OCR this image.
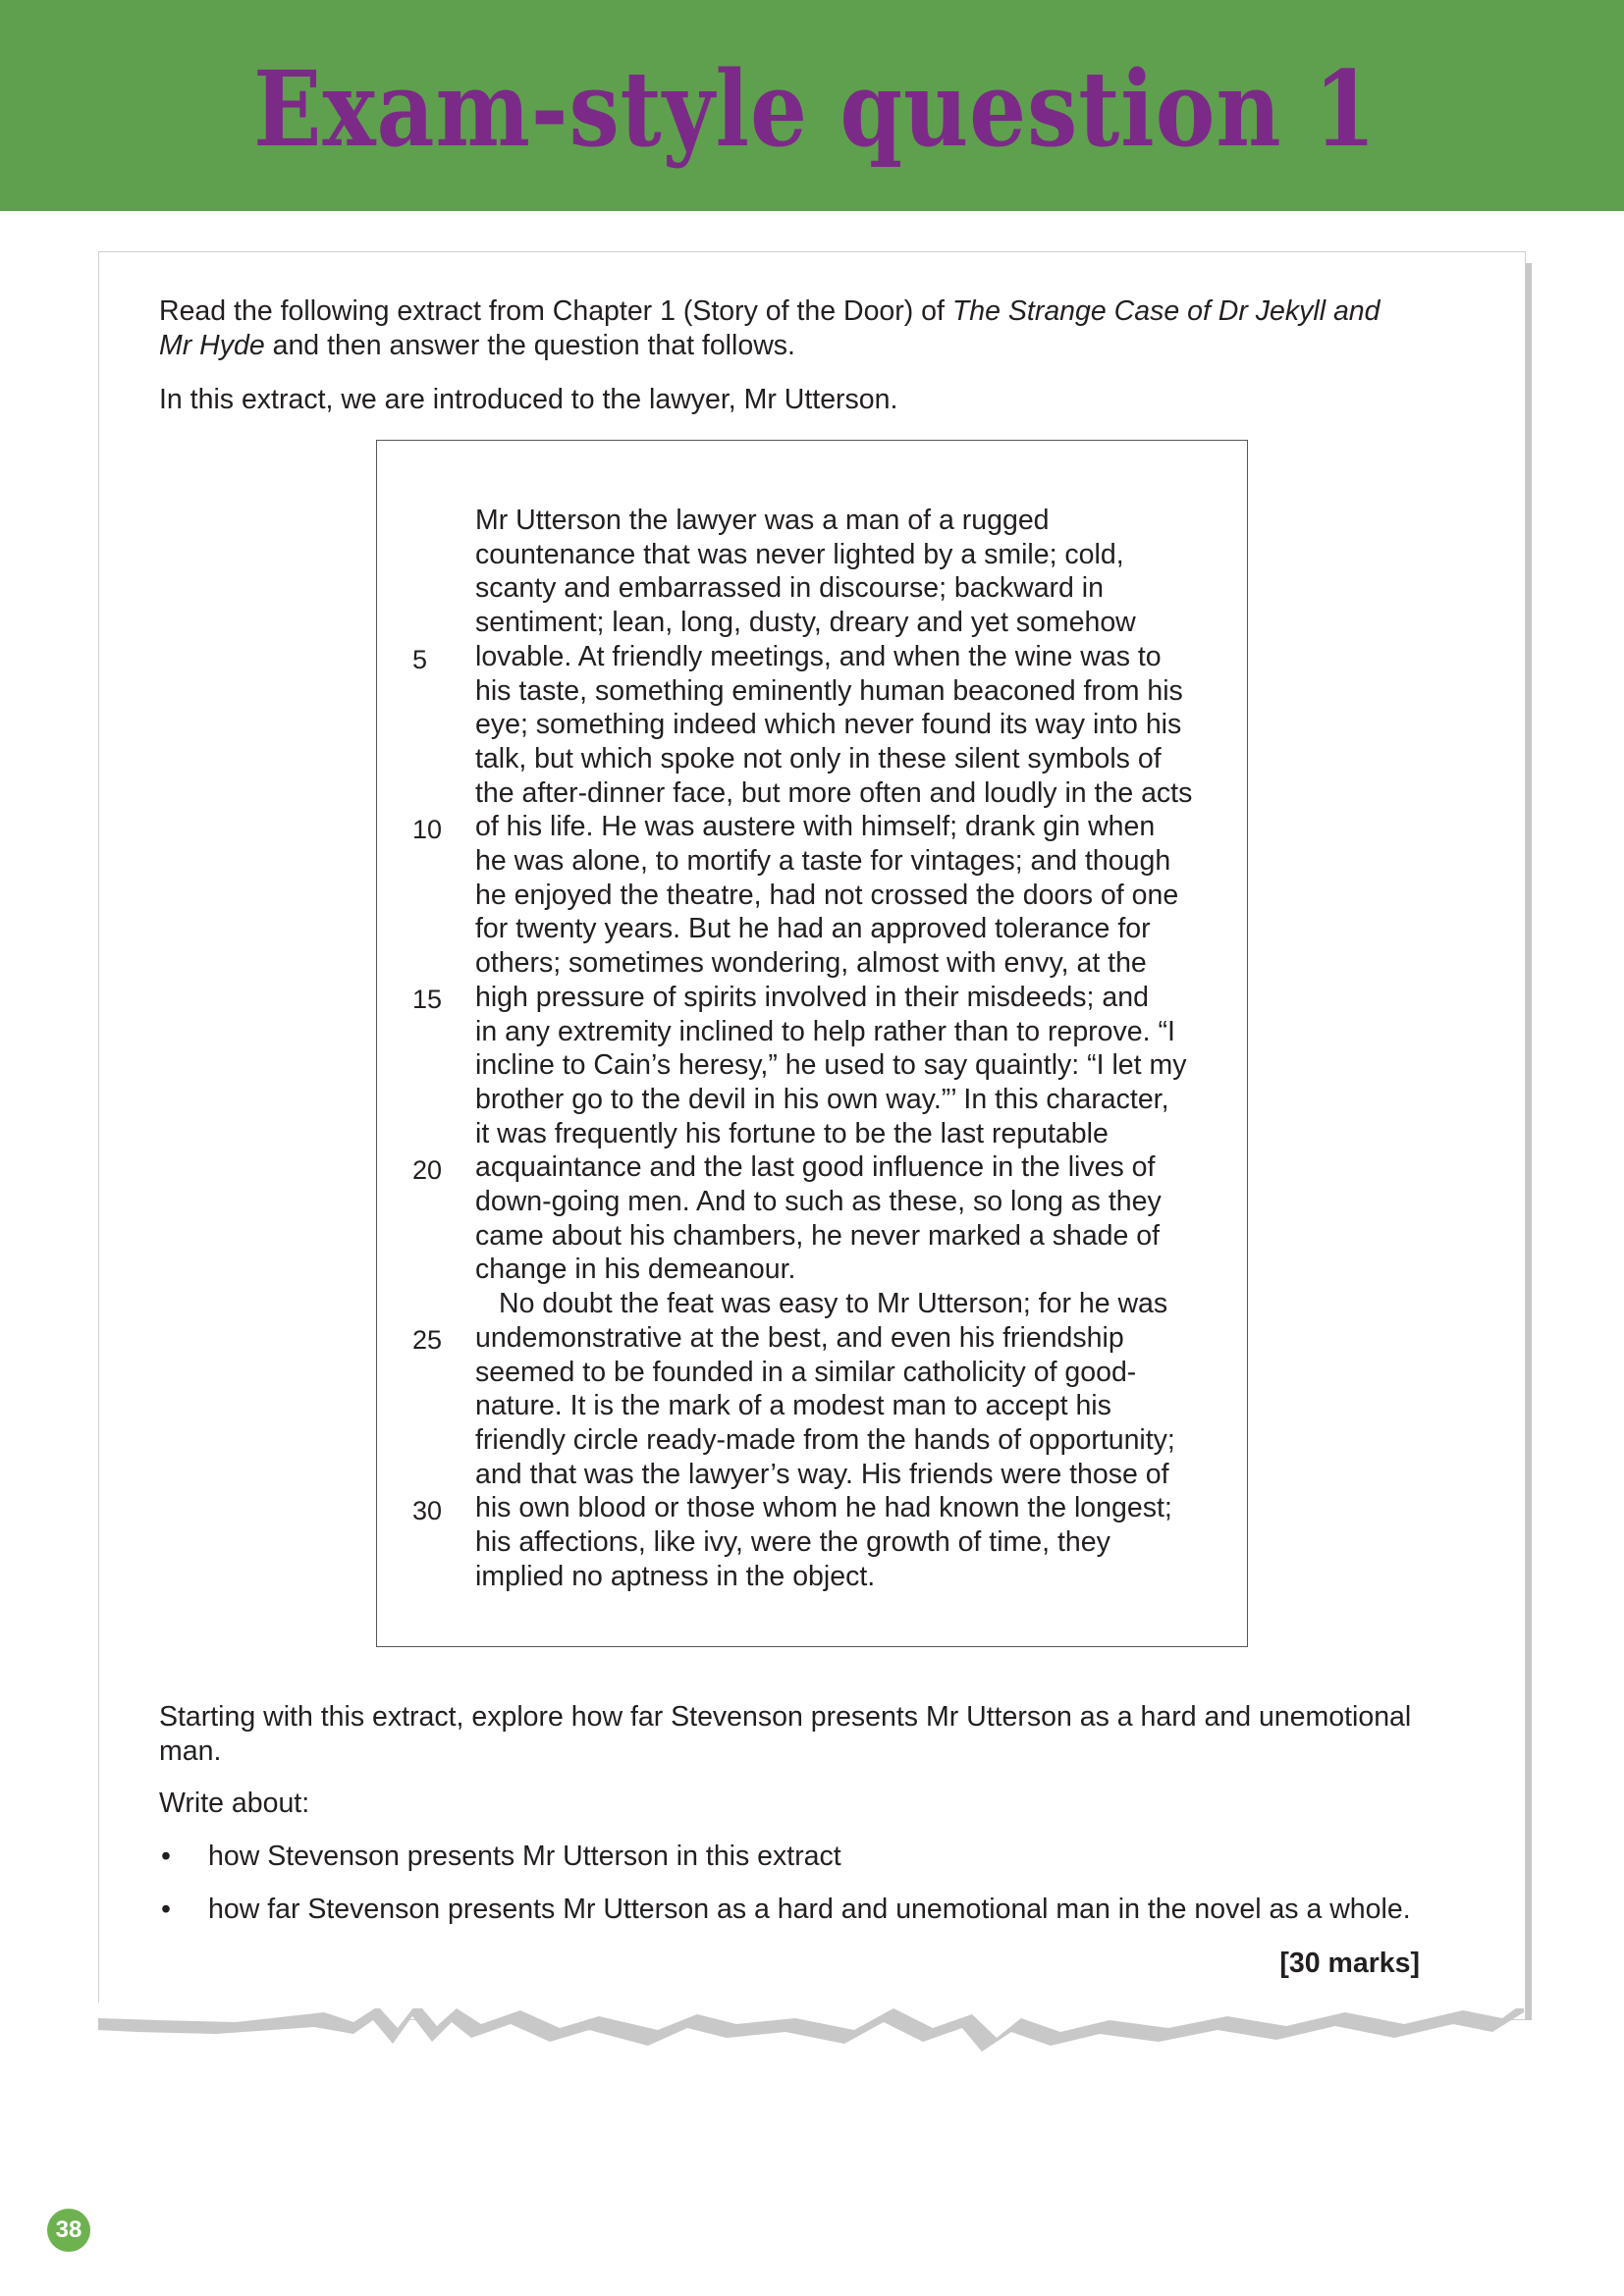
Exam-style question 1

Read the following extract from Chapter 1 (Story of the Door) of The Strange Case of Dr Jekyll and
Mr Hyde and then answer the question that follows.

In this extract, we are introduced to the lawyer, Mr Utterson.

Starting with this extract, explore how far Stevenson presents Mr Utterson as a hard and unemotional man.

Write about:

• how Stevenson presents Mr Utterson in this extract
• how far Stevenson presents Mr Utterson as a hard and unemotional man in the novel as a whole.

[30 marks]

5
10
15
20
25
30
Mr Utterson the lawyer was a man of a rugged
countenance that was never lighted by a smile; cold,
scanty and embarrassed in discourse; backward in
sentiment; lean, long, dusty, dreary and yet somehow
lovable. At friendly meetings, and when the wine was to
his taste, something eminently human beaconed from his
eye; something indeed which never found its way into his
talk, but which spoke not only in these silent symbols of
the after-dinner face, but more often and loudly in the acts
of his life. He was austere with himself; drank gin when
he was alone, to mortify a taste for vintages; and though
he enjoyed the theatre, had not crossed the doors of one
for twenty years. But he had an approved tolerance for
others; sometimes wondering, almost with envy, at the
high pressure of spirits involved in their misdeeds; and
in any extremity inclined to help rather than to reprove. “I
incline to Cain’s heresy,” he used to say quaintly: “I let my
brother go to the devil in his own way.”’ In this character,
it was frequently his fortune to be the last reputable
acquaintance and the last good influence in the lives of
down-going men. And to such as these, so long as they
came about his chambers, he never marked a shade of
change in his demeanour.
No doubt the feat was easy to Mr Utterson; for he was
undemonstrative at the best, and even his friendship
seemed to be founded in a similar catholicity of good-
nature. It is the mark of a modest man to accept his
friendly circle ready-made from the hands of opportunity;
and that was the lawyer’s way. His friends were those of
his own blood or those whom he had known the longest;
his affections, like ivy, were the growth of time, they
implied no aptness in the object.
38
